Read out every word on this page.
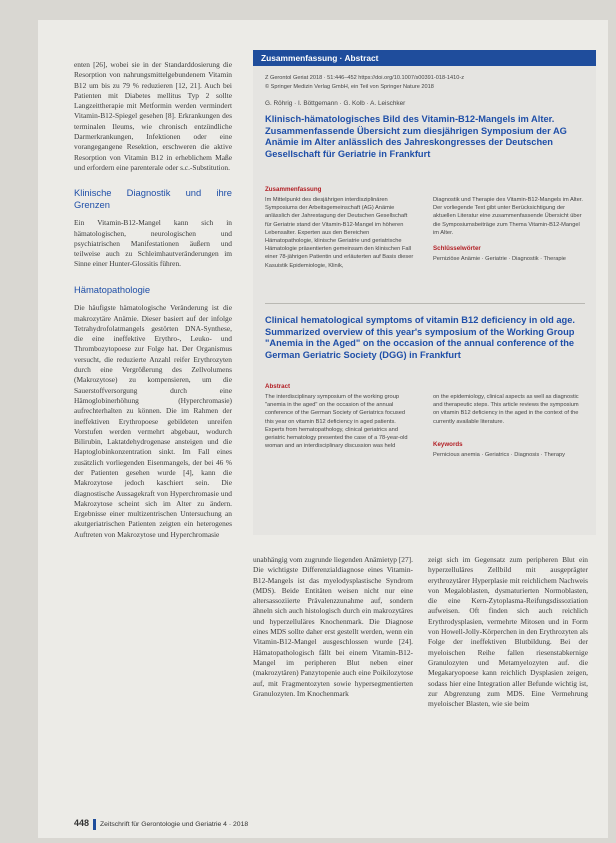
enten [26], wobei sie in der Standarddosierung die Resorption von nahrungsmittelgebundenem Vitamin B12 um bis zu 79 % reduzieren [12, 21]. Auch bei Patienten mit Diabetes mellitus Typ 2 sollte Langzeittherapie mit Metformin werden vermindert Vitamin-B12-Spiegel gesehen [8]. Erkrankungen des terminalen Ileums, wie chronisch entzündliche Darmerkrankungen, Infektionen oder eine vorangegangene Resektion, erschweren die aktive Resorption von Vitamin B12 in erheblichem Maße und erfordern eine parenterale oder s.c.-Substitution.

Klinische Diagnostik und ihre Grenzen

Ein Vitamin-B12-Mangel kann sich in hämatologischen, neurologischen und psychiatrischen Manifestationen äußern und teilweise auch zu Schleimhautveränderungen im Sinne einer Hunter-Glossitis führen.

Hämatopathologie

Die häufigste hämatologische Veränderung ist die makrozytäre Anämie. Dieser basiert auf der infolge Tetrahydrofolatmangels gestörten DNA-Synthese, die eine ineffektive Erythro-, Leuko- und Thrombozytopoese zur Folge hat. Der Organismus versucht, die reduzierte Anzahl reifer Erythrozyten durch eine Vergrößerung des Zellvolumens (Makrozytose) zu kompensieren, um die Sauerstoffversorgung durch eine Hämoglobinerhöhung (Hyperchromasie) aufrechterhalten zu können. Die im Rahmen der ineffektiven Erythropoese gebildeten unreifen Vorstufen werden vermehrt abgebaut, wodurch Bilirubin, Laktatdehydrogenase ansteigen und die Haptoglobinkonzentration sinkt. Im Fall eines zusätzlich vorliegenden Eisenmangels, der bei 46 % der Patienten gesehen wurde [4], kann die Makrozytose jedoch kaschiert sein. Die diagnostische Aussagekraft von Hyperchromasie und Makrozytose scheint sich im Alter zu ändern. Ergebnisse einer multizentrischen Untersuchung an akutgeriatrischen Patienten zeigten ein heterogenes Auftreten von Makrozytose und Hyperchromasie

Zusammenfassung · Abstract
Z Gerontol Geriat 2018 · 51:446–452 https://doi.org/10.1007/s00391-018-1410-z
© Springer Medizin Verlag GmbH, ein Teil von Springer Nature 2018
G. Röhrig · I. Böttgemann · G. Kolb · A. Leischker
Klinisch-hämatologisches Bild des Vitamin-B12-Mangels im Alter. Zusammenfassende Übersicht zum diesjährigen Symposium der AG Anämie im Alter anlässlich des Jahreskongresses der Deutschen Gesellschaft für Geriatrie in Frankfurt
Zusammenfassung
Im Mittelpunkt des diesjährigen interdisziplinären Symposiums der Arbeitsgemeinschaft (AG) Anämie anlässlich der Jahrestagung der Deutschen Gesellschaft für Geriatrie stand der Vitamin-B12-Mangel im höheren Lebensalter. Experten aus den Bereichen Hämatopathologie, klinische Geriatrie und geriatrische Hämatologie präsentierten gemeinsam den klinischen Fall einer 78-jährigen Patientin und erläuterten auf Basis dieser Kasuistik Epidemiologie, Klinik,
Diagnostik und Therapie des Vitamin-B12-Mangels im Alter. Der vorliegende Text gibt unter Berücksichtigung der aktuellen Literatur eine zusammenfassende Übersicht über die Symposiumsbeiträge zum Thema Vitamin-B12-Mangel im Alter.
Schlüsselwörter
Perniziöse Anämie · Geriatrie · Diagnostik · Therapie
Clinical hematological symptoms of vitamin B12 deficiency in old age. Summarized overview of this year's symposium of the Working Group "Anemia in the Aged" on the occasion of the annual conference of the German Geriatric Society (DGG) in Frankfurt
Abstract
The interdisciplinary symposium of the working group "anemia in the aged" on the occasion of the annual conference of the German Society of Geriatrics focused this year on vitamin B12 deficiency in aged patients. Experts from hematopathology, clinical geriatrics and geriatric hematology presented the case of a 78-year-old woman and an interdisciplinary discussion was held
on the epidemiology, clinical aspects as well as diagnostic and therapeutic steps. This article reviews the symposium on vitamin B12 deficiency in the aged in the context of the currently available literature.
Keywords
Pernicious anemia · Geriatrics · Diagnosis · Therapy
unabhängig vom zugrunde liegenden Anämietyp [27]. Die wichtigste Differenzialdiagnose eines Vitamin-B12-Mangels ist das myelodysplastische Syndrom (MDS). Beide Entitäten weisen nicht nur eine altersassoziierte Prävalenzzunahme auf, sondern ähneln sich auch histologisch durch ein makrozytäres und hyperzelluläres Knochenmark. Die Diagnose eines MDS sollte daher erst gestellt werden, wenn ein Vitamin-B12-Mangel ausgeschlossen wurde [24]. Hämatopathologisch fällt bei einem Vitamin-B12-Mangel im peripheren Blut neben einer (makrozytären) Panzytopenie auch eine Poikilozytose auf, mit Fragmentozyten sowie hypersegmentierten Granulozyten. Im Knochenmark
zeigt sich im Gegensatz zum peripheren Blut ein hyperzelluläres Zellbild mit ausgeprägter erythrozytärer Hyperplasie mit reichlichem Nachweis von Megaloblasten, dysmaturierten Normoblasten, die eine Kern-Zytoplasma-Reifungsdissoziation aufweisen. Oft finden sich auch reichlich Erythrodysplasien, vermehrte Mitosen und in Form von Howell-Jolly-Körperchen in den Erythrozyten als Folge der ineffektiven Blutbildung. Bei der myeloischen Reihe fallen riesenstabkernige Granulozyten und Metamyelozyten auf. die Megakaryopoese kann reichlich Dysplasien zeigen, sodass hier eine Integration aller Befunde wichtig ist, zur Abgrenzung zum MDS. Eine Vermehrung myeloischer Blasten, wie sie beim
448 Zeitschrift für Gerontologie und Geriatrie 4 · 2018
